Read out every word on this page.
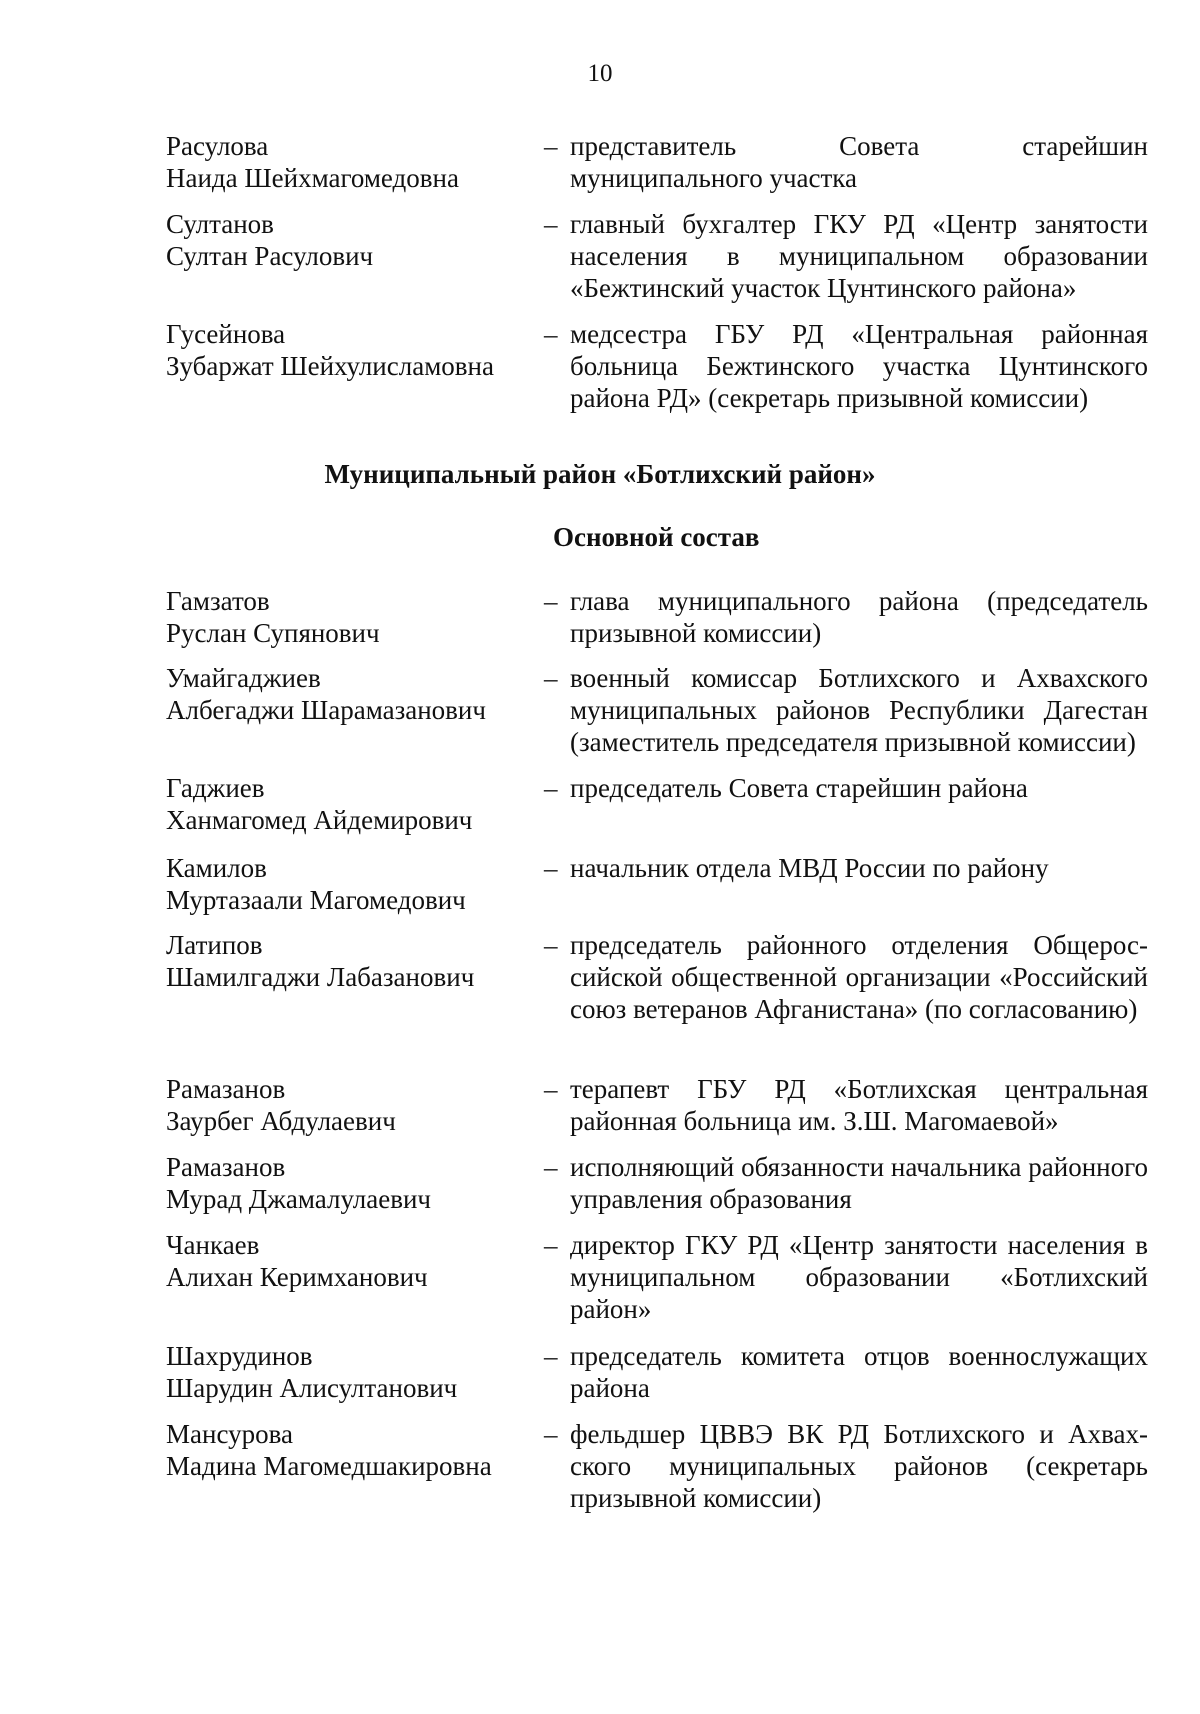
10
Расулова
Наида Шейхмагомедовна
– представитель Совета старейшин муниципального участка
Султанов
Султан Расулович
– главный бухгалтер ГКУ РД «Центр занятости населения в муниципальном образовании «Бежтинский участок Цунтинского района»
Гусейнова
Зубаржат Шейхулисламовна
– медсестра ГБУ РД «Центральная районная больница Бежтинского участка Цунтинского района РД» (секретарь призывной комиссии)
Муниципальный район «Ботлихский район»
Основной состав
Гамзатов
Руслан Супянович
– глава муниципального района (председатель призывной комиссии)
Умайгаджиев
Албегаджи Шарамазанович
– военный комиссар Ботлихского и Ахвахского муниципальных районов Республики Дагестан (заместитель председателя призывной комиссии)
Гаджиев
Ханмагомед Айдемирович
– председатель Совета старейшин района
Камилов
Муртазаали Магомедович
– начальник отдела МВД России по району
Латипов
Шамилгаджи Лабазанович
– председатель районного отделения Общероссийской общественной организации «Российский союз ветеранов Афганистана» (по согласованию)
Рамазанов
Заурбег Абдулаевич
– терапевт ГБУ РД «Ботлихская центральная районная больница им. З.Ш. Магомаевой»
Рамазанов
Мурад Джамалулаевич
– исполняющий обязанности начальника районного управления образования
Чанкаев
Алихан Керимханович
– директор ГКУ РД «Центр занятости населения в муниципальном образовании «Ботлихский район»
Шахрудинов
Шарудин Алисултанович
– председатель комитета отцов военнослужащих района
Мансурова
Мадина Магомедшакировна
– фельдшер ЦВВЭ ВК РД Ботлихского и Ахвахского муниципальных районов (секретарь призывной комиссии)
